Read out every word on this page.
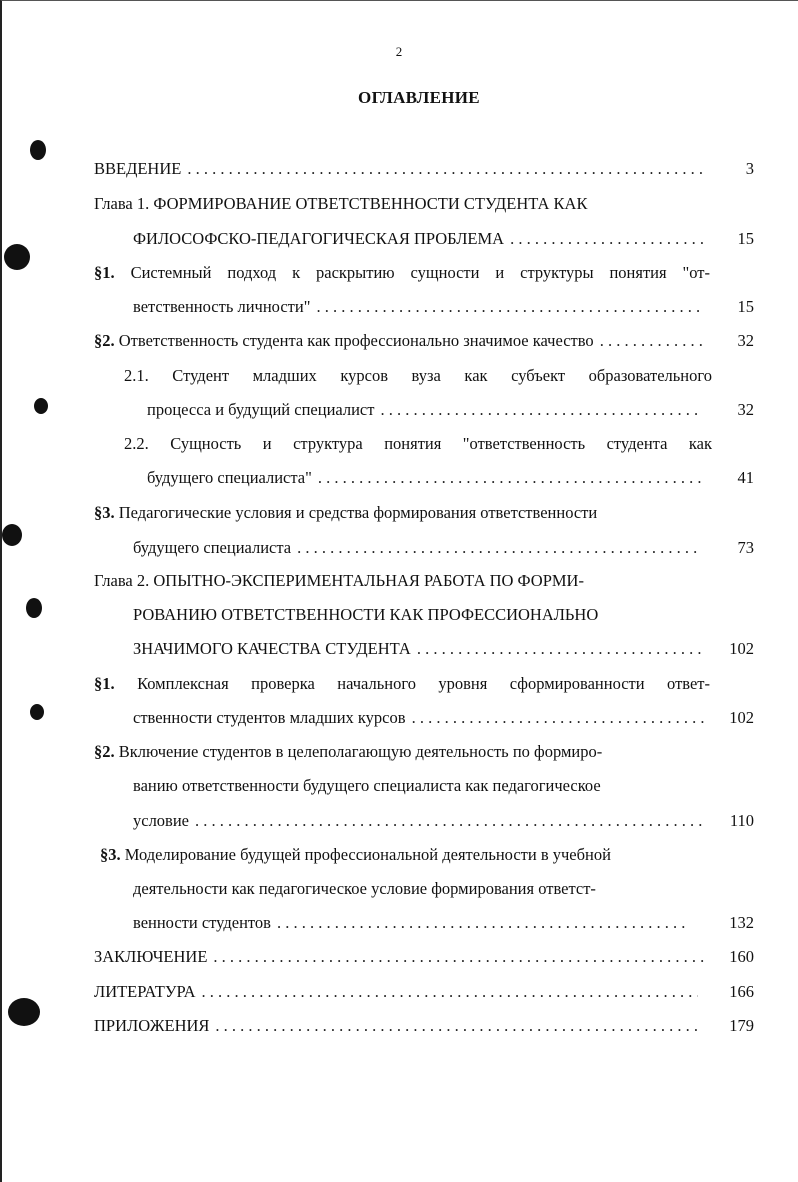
2
ОГЛАВЛЕНИЕ
ВВЕДЕНИЕ . . .	3
Глава 1. ФОРМИРОВАНИЕ ОТВЕТСТВЕННОСТИ СТУДЕНТА КАК
ФИЛОСОФСКО-ПЕДАГОГИЧЕСКАЯ ПРОБЛЕМА . . .	15
§1. Системный подход к раскрытию сущности и структуры понятия "от-
ветственность личности" . . .	15
§2. Ответственность студента как профессионально значимое качество . . .	32
2.1. Студент младших курсов вуза как субъект образовательного
процесса и будущий специалист . . .	32
2.2. Сущность и структура понятия "ответственность студента как
будущего специалиста" . . .	41
§3. Педагогические условия и средства формирования ответственности
будущего специалиста . . .	73
Глава 2. ОПЫТНО-ЭКСПЕРИМЕНТАЛЬНАЯ РАБОТА ПО ФОРМИ-
РОВАНИЮ ОТВЕТСТВЕННОСТИ КАК ПРОФЕССИОНАЛЬНО
ЗНАЧИМОГО КАЧЕСТВА СТУДЕНТА . . .	102
§1. Комплексная проверка начального уровня сформированности ответ-
ственности студентов младших курсов . . .	102
§2. Включение студентов в целеполагающую деятельность по формиро-
ванию ответственности будущего специалиста как педагогическое
условие . . .	110
§3. Моделирование будущей профессиональной деятельности в учебной
деятельности как педагогическое условие формирования ответст-
венности студентов . . .	132
ЗАКЛЮЧЕНИЕ . . .	160
ЛИТЕРАТУРА . . .	166
ПРИЛОЖЕНИЯ . . .	179
